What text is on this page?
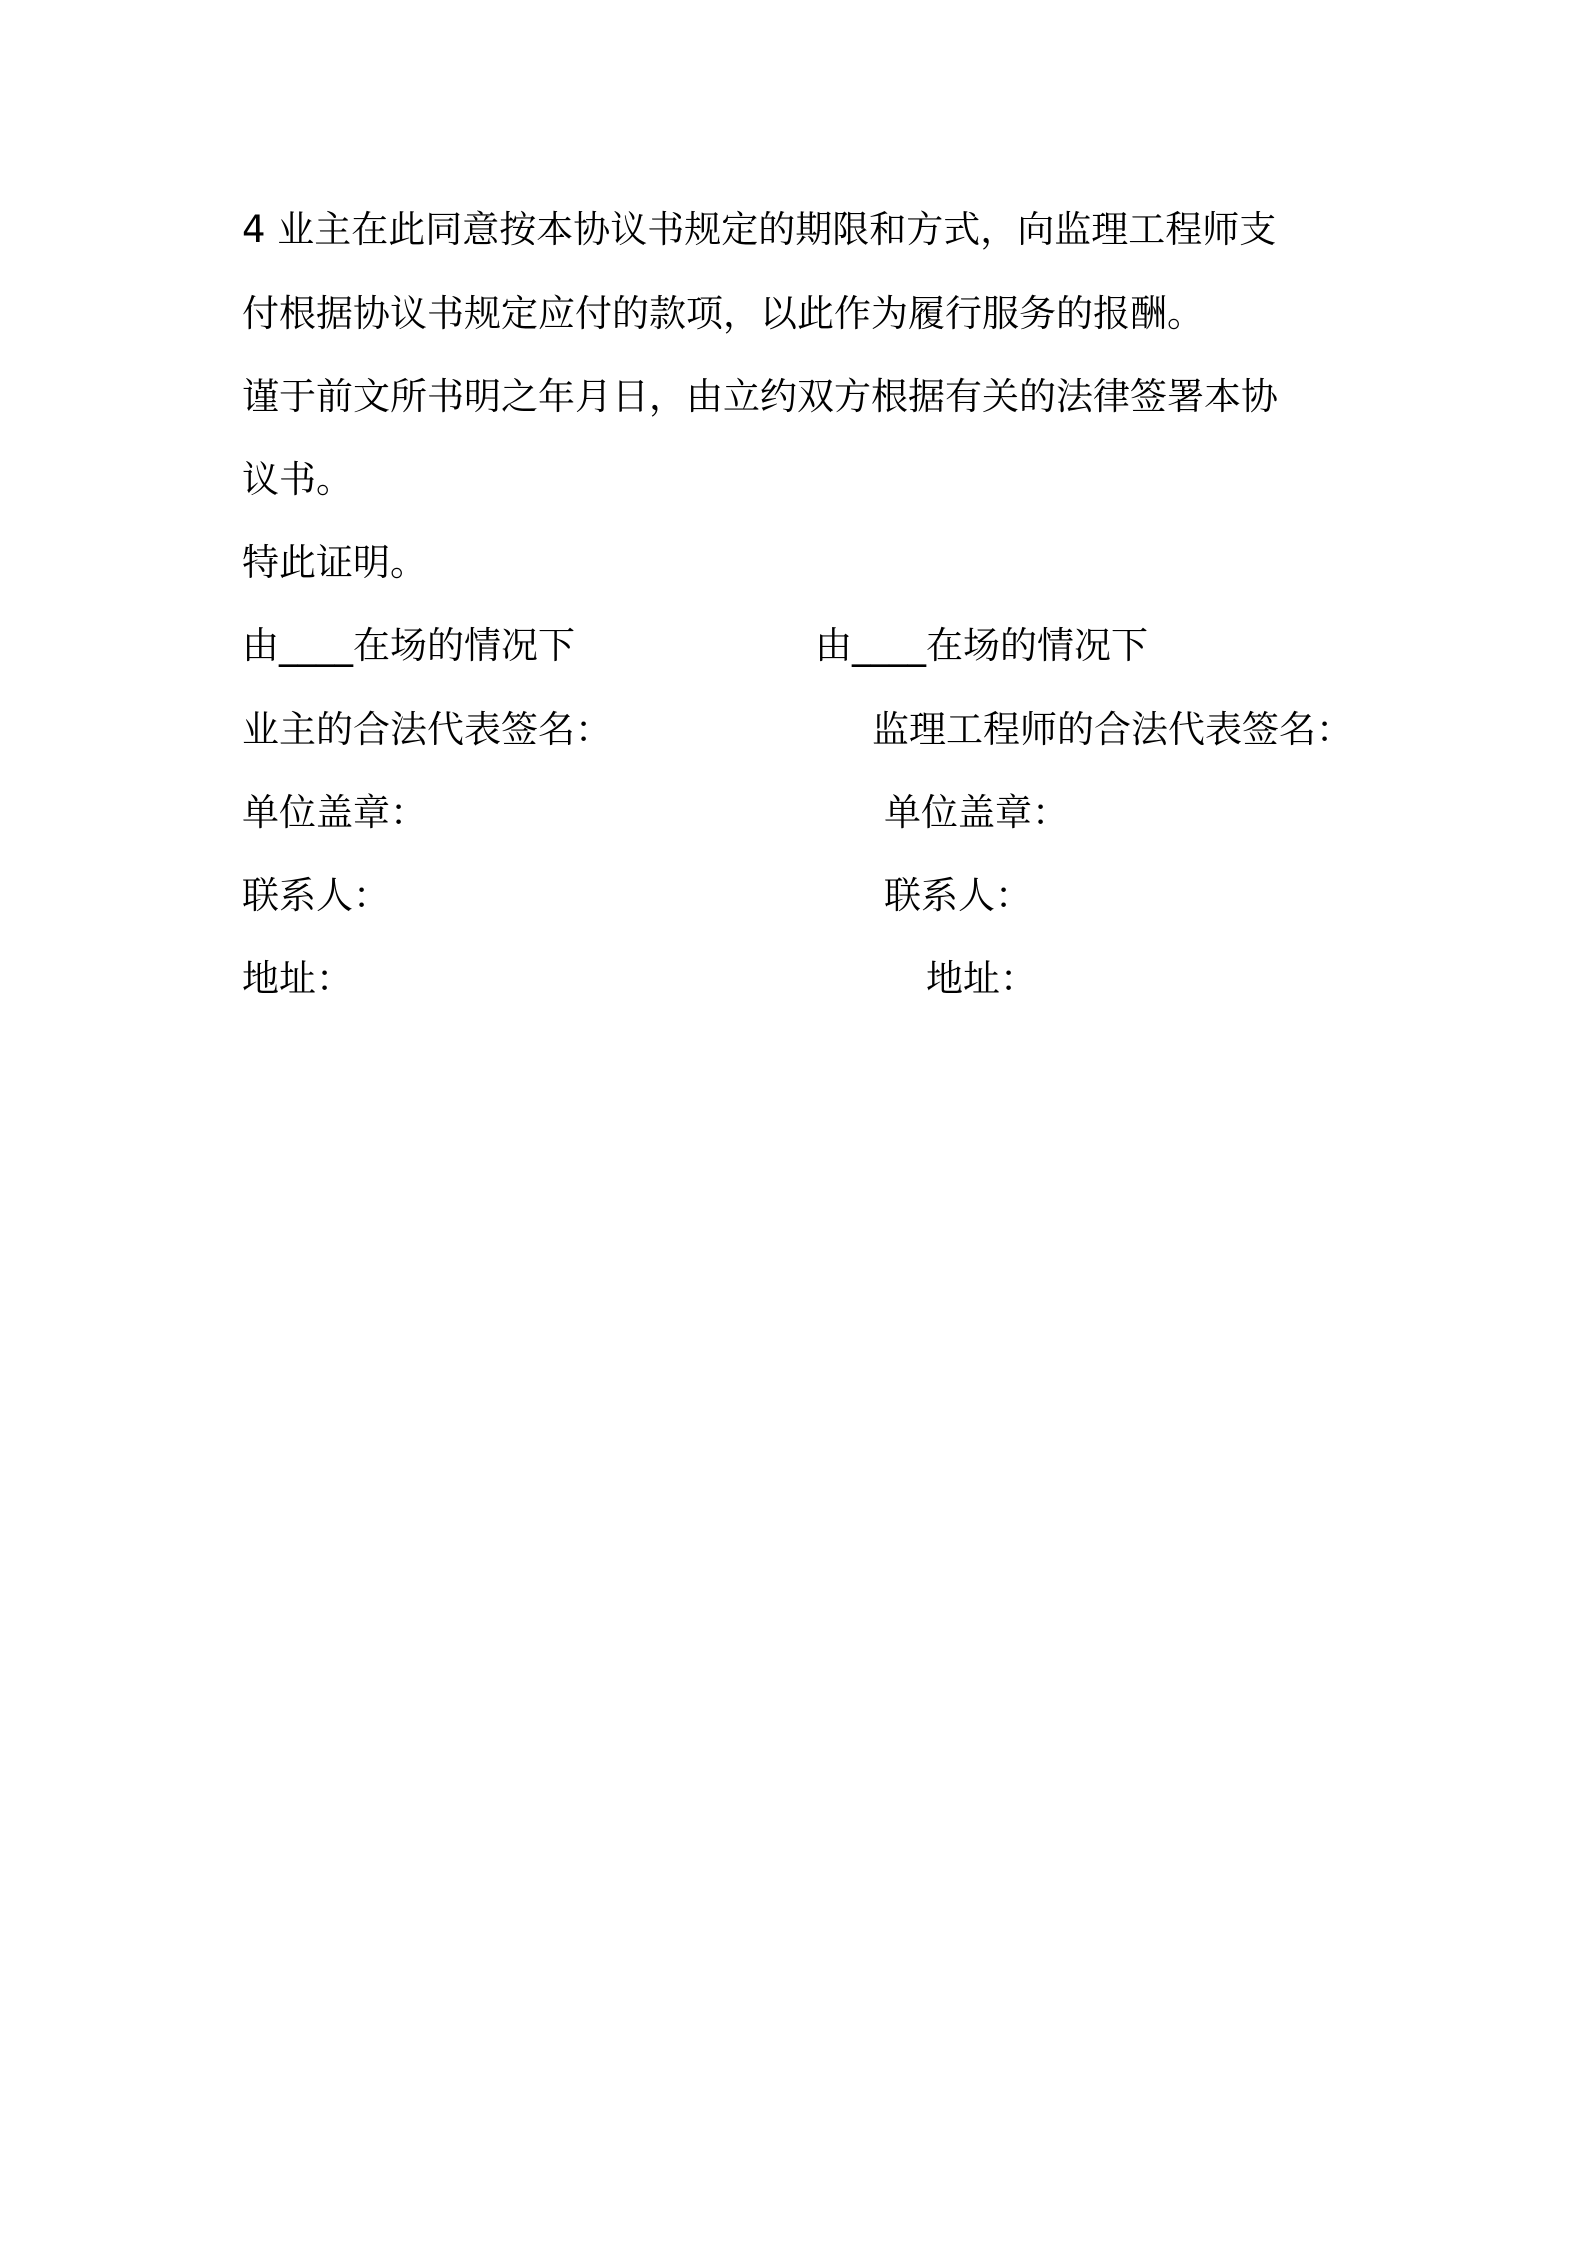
4 业主在此同意按本协议书规定的期限和方式，向监理工程师支

付根据协议书规定应付的款项，以此作为履行服务的报酬。

谨于前文所书明之年月日，由立约双方根据有关的法律签署本协

议书。

特此证明。

由____在场的情况下	由____在场的情况下
业主的合法代表签名：	监理工程师的合法代表签名：
单位盖章：	单位盖章：
联系人：	联系人：
地址：	地址：
